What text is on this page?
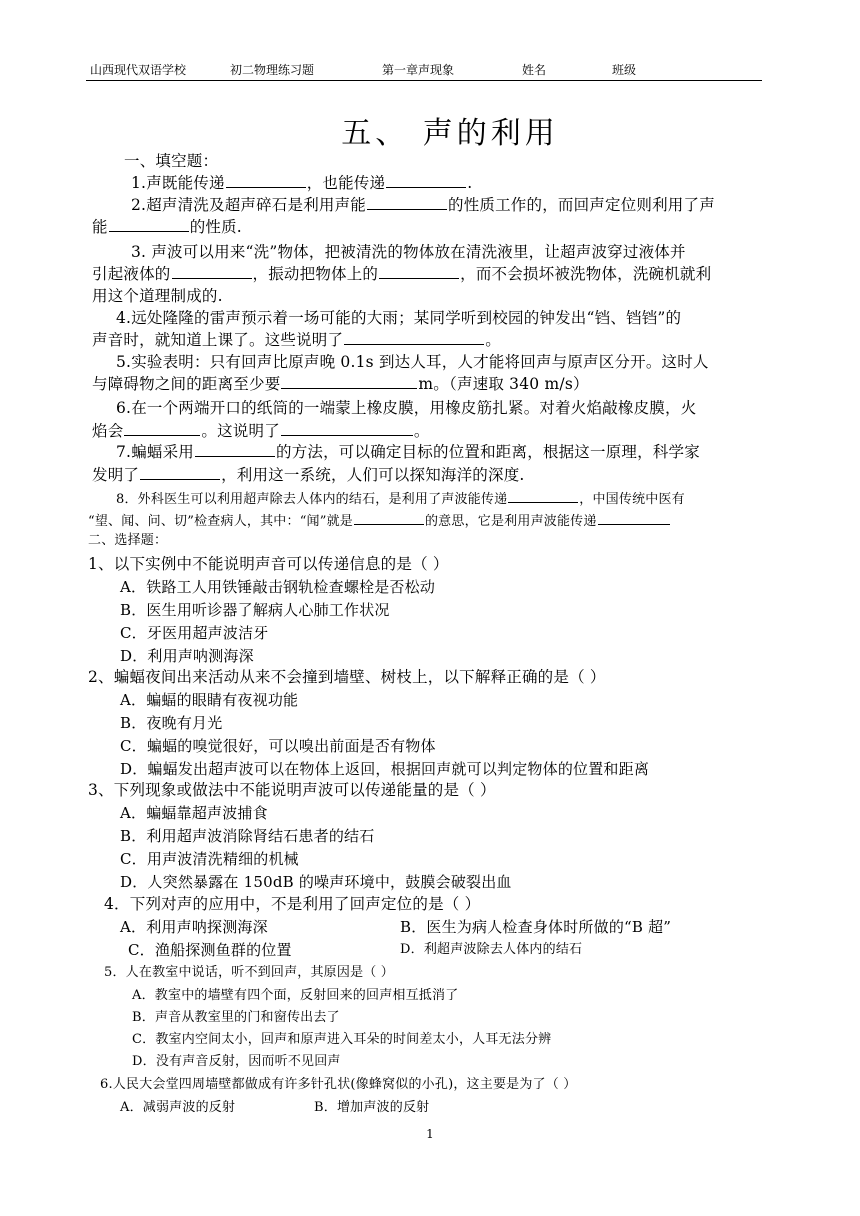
山西现代双语学校	初二物理练习题	第一章声现象	姓名	班级
五、 声的利用
一、填空题：
1.声既能传递	，也能传递	.
2.超声清洗及超声碎石是利用声能	的性质工作的，而回声定位则利用了声
能	的性质.
3. 声波可以用来“洗”物体，把被清洗的物体放在清洗液里，让超声波穿过液体并
引起液体的	，振动把物体上的	，而不会损坏被洗物体，洗碗机就利
用这个道理制成的.
4.远处隆隆的雷声预示着一场可能的大雨；某同学听到校园的钟发出“铛、铛铛”的
声音时，就知道上课了。这些说明了	。
5.实验表明：只有回声比原声晚 0.1s 到达人耳，人才能将回声与原声区分开。这时人
与障碍物之间的距离至少要	m。（声速取 340 m/s）
6.在一个两端开口的纸筒的一端蒙上橡皮膜，用橡皮筋扎紧。对着火焰敲橡皮膜，火
焰会	。这说明了	。
7.蝙蝠采用	的方法，可以确定目标的位置和距离，根据这一原理，科学家
发明了	，利用这一系统，人们可以探知海洋的深度.
8．外科医生可以利用超声除去人体内的结石，是利用了声波能传递	，中国传统中医有
“望、闻、问、切”检查病人，其中：“闻”就是	的意思，它是利用声波能传递
二、选择题：
1、以下实例中不能说明声音可以传递信息的是（ ）
A．铁路工人用铁锤敲击钢轨检查螺栓是否松动
B．医生用听诊器了解病人心肺工作状况
C．牙医用超声波洁牙
D．利用声呐测海深
2、蝙蝠夜间出来活动从来不会撞到墙壁、树枝上，以下解释正确的是（ ）
A．蝙蝠的眼睛有夜视功能
B．夜晚有月光
C．蝙蝠的嗅觉很好，可以嗅出前面是否有物体
D．蝙蝠发出超声波可以在物体上返回，根据回声就可以判定物体的位置和距离
3、下列现象或做法中不能说明声波可以传递能量的是（ ）
A．蝙蝠靠超声波捕食
B．利用超声波消除肾结石患者的结石
C．用声波清洗精细的机械
D．人突然暴露在 150dB 的噪声环境中，鼓膜会破裂出血
4．下列对声的应用中，不是利用了回声定位的是（ ）
A．利用声呐探测海深	B．医生为病人检查身体时所做的“B 超”
C．渔船探测鱼群的位置	D．利超声波除去人体内的结石
5．人在教室中说话，听不到回声，其原因是（ ）
A．教室中的墙壁有四个面，反射回来的回声相互抵消了
B．声音从教室里的门和窗传出去了
C．教室内空间太小，回声和原声进入耳朵的时间差太小，人耳无法分辨
D．没有声音反射，因而听不见回声
6.人民大会堂四周墙壁都做成有许多针孔状(像蜂窝似的小孔)，这主要是为了（ ）
A．减弱声波的反射	B．增加声波的反射
1
